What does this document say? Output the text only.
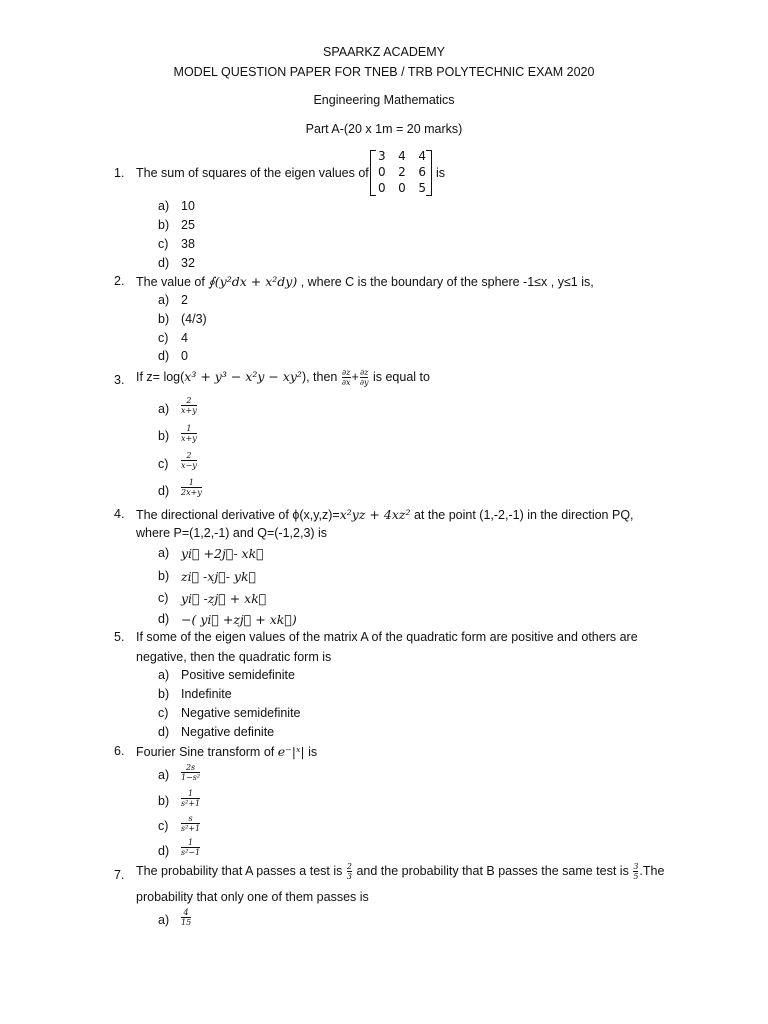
SPAARKZ ACADEMY
MODEL QUESTION PAPER FOR TNEB / TRB POLYTECHNIC EXAM 2020
Engineering Mathematics
Part A-(20 x 1m = 20 marks)
1. The sum of squares of the eigen values of
3 4 4
0 2 6
0 0 5
is
a) 10
b) 25
c) 38
d) 32
2. The value of ∮(y²dx + x²dy) , where C is the boundary of the sphere -1≤x , y≤1 is,
a) 2
b) (4/3)
c) 4
d) 0
3. If z= log(x³ + y³ − x²y − xy²), then $\frac{\partial z}{\partial x} + \frac{\partial z}{\partial y}$ is equal to
$a) \frac{2}{x+y}$
$b) \frac{1}{x+y}$
$c) \frac{2}{x-y}$
$d) \frac{1}{2x+y}$
4. The directional derivative of ϕ(x,y,z)=x²yz + 4xz² at the point (1,-2,-1) in the direction PQ,
where P=(1,2,-1) and Q=(-1,2,3) is
a) yi⃗ +2j⃗- xk⃗
b) zi⃗ -xj⃗- yk⃗
c) yi⃗ -zj⃗ + xk⃗
d) −( yi⃗ +zj⃗ + xk⃗)
5. If some of the eigen values of the matrix A of the quadratic form are positive and others are
negative, then the quadratic form is
a) Positive semidefinite
b) Indefinite
c) Negative semidefinite
d) Negative definite
6. Fourier Sine transform of e⁻|ˣ| is
$a) \frac{2s}{\text{1−s²}}$
$b) \frac{1}{\text{s²+1}}$
$c) \frac{s}{\text{s²+1}}$
$d) \frac{1}{\text{s²−1}}$
7. The probability that A passes a test is $\frac{2}{3}$ and the probability that B passes the same test is $\frac{3}{5} .The$
probability that only one of them passes is
$a) \frac{4}{15}$
